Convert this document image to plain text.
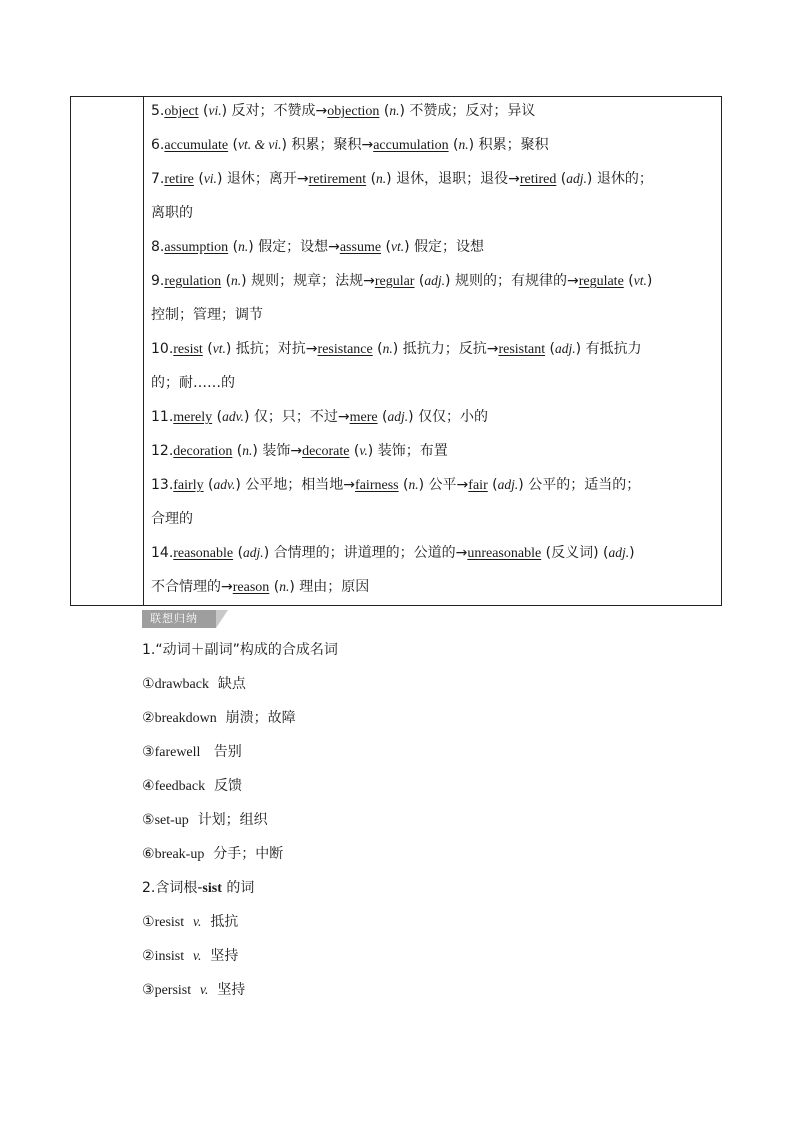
5.object (vi.) 反对；不赞成→objection (n.) 不赞成；反对；异议
6.accumulate (vt. & vi.) 积累；聚积→accumulation (n.) 积累；聚积
7.retire (vi.) 退休；离开→retirement (n.) 退休，退职；退役→retired (adj.) 退休的；
离职的
8.assumption (n.) 假定；设想→assume (vt.) 假定；设想
9.regulation (n.) 规则；规章；法规→regular (adj.) 规则的；有规律的→regulate (vt.)
控制；管理；调节
10.resist (vt.) 抵抗；对抗→resistance (n.) 抵抗力；反抗→resistant (adj.) 有抵抗力
的；耐……的
11.merely (adv.) 仅；只；不过→mere (adj.) 仅仅；小的
12.decoration (n.) 装饰→decorate (v.) 装饰；布置
13.fairly (adv.) 公平地；相当地→fairness (n.) 公平→fair (adj.) 公平的；适当的；
合理的
14.reasonable (adj.) 合情理的；讲道理的；公道的→unreasonable (反义词) (adj.)
不合情理的→reason (n.) 理由；原因
联想归纳
1.“动词＋副词”构成的合成名词
①drawback 缺点
②breakdown 崩溃；故障
③farewell 告别
④feedback 反馈
⑤set-up 计划；组织
⑥break-up 分手；中断
2.含词根-sist 的词
①resist v. 抵抗
②insist v. 坚持
③persist v. 坚持
